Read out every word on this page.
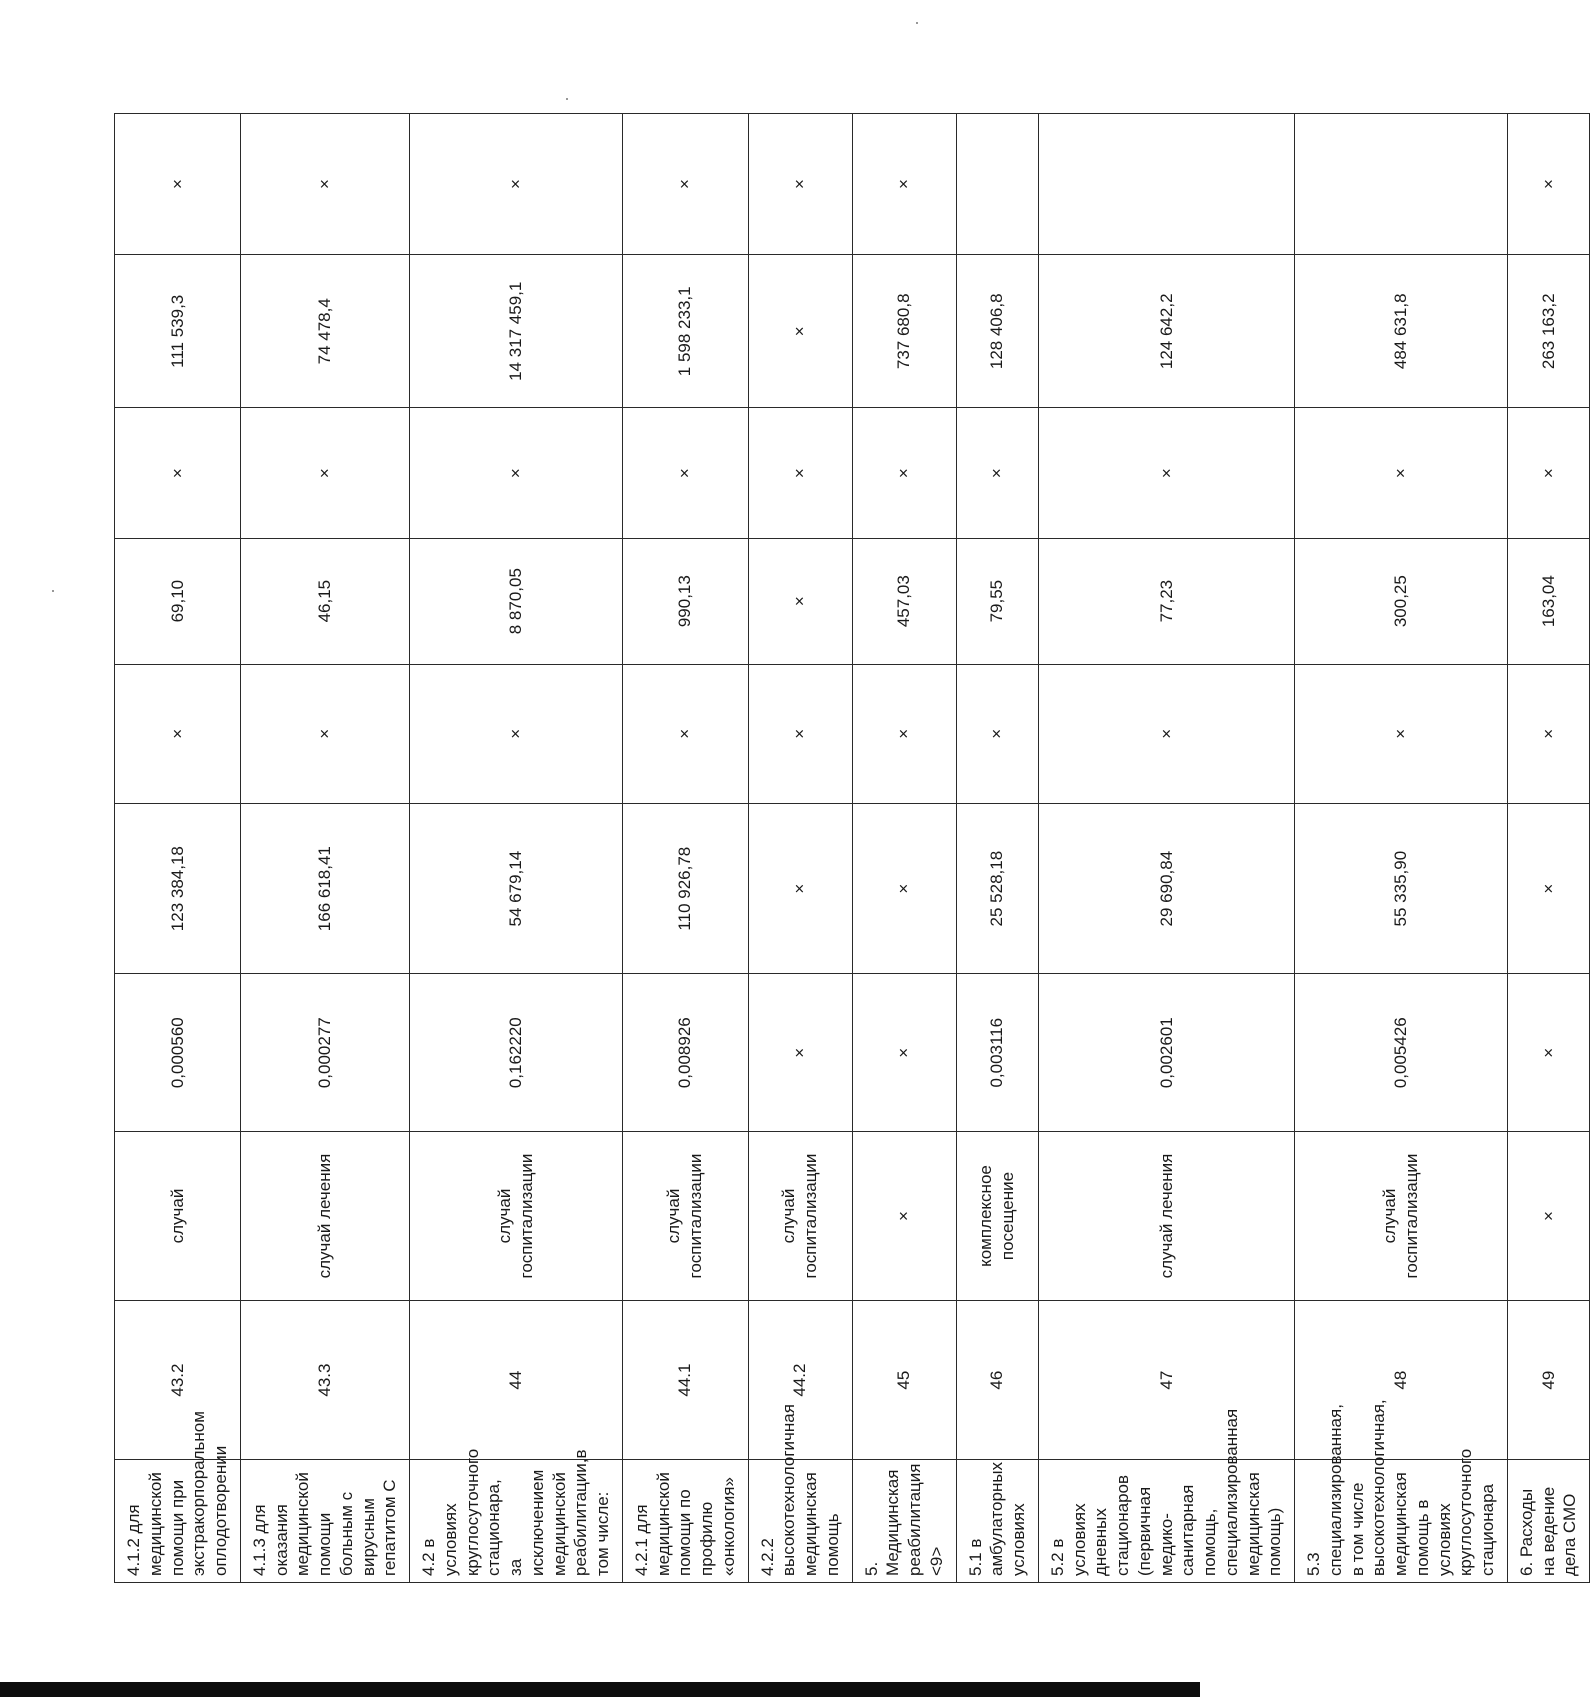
4.1.2 для медицинской помощи при экстракорпоральном оплодотворении	43.2	случай	0,000560	123 384,18	×	69,10	×	111 539,3	×
4.1.3 для оказания медицинской помощи больным с вирусным гепатитом С	43.3	случай лечения	0,000277	166 618,41	×	46,15	×	74 478,4	×
4.2 в условиях круглосуточного стационара, за исключением медицинской реабилитации,в том числе:	44	случай госпитализации	0,162220	54 679,14	×	8 870,05	×	14 317 459,1	×
4.2.1 для медицинской помощи по профилю «онкология»	44.1	случай госпитализации	0,008926	110 926,78	×	990,13	×	1 598 233,1	×
4.2.2 высокотехнологичная медицинская помощь	44.2	случай госпитализации	×	×	×	×	×	×	×
5. Медицинская реабилитация <9>	45	×	×	×	×	457,03	×	737 680,8	×
5.1 в амбулаторных условиях	46	комплексное посещение	0,003116	25 528,18	×	79,55	×	128 406,8	
5.2 в условиях дневных стационаров (первичная медико-санитарная помощь, специализированная медицинская помощь)	47	случай лечения	0,002601	29 690,84	×	77,23	×	124 642,2	
5.3 специализированная, в том числе высокотехнологичная, медицинская помощь в условиях круглосуточного стационара	48	случай госпитализации	0,005426	55 335,90	×	300,25	×	484 631,8	
6. Расходы на ведение дела СМО	49	×	×	×	×	163,04	×	263 163,2	×
